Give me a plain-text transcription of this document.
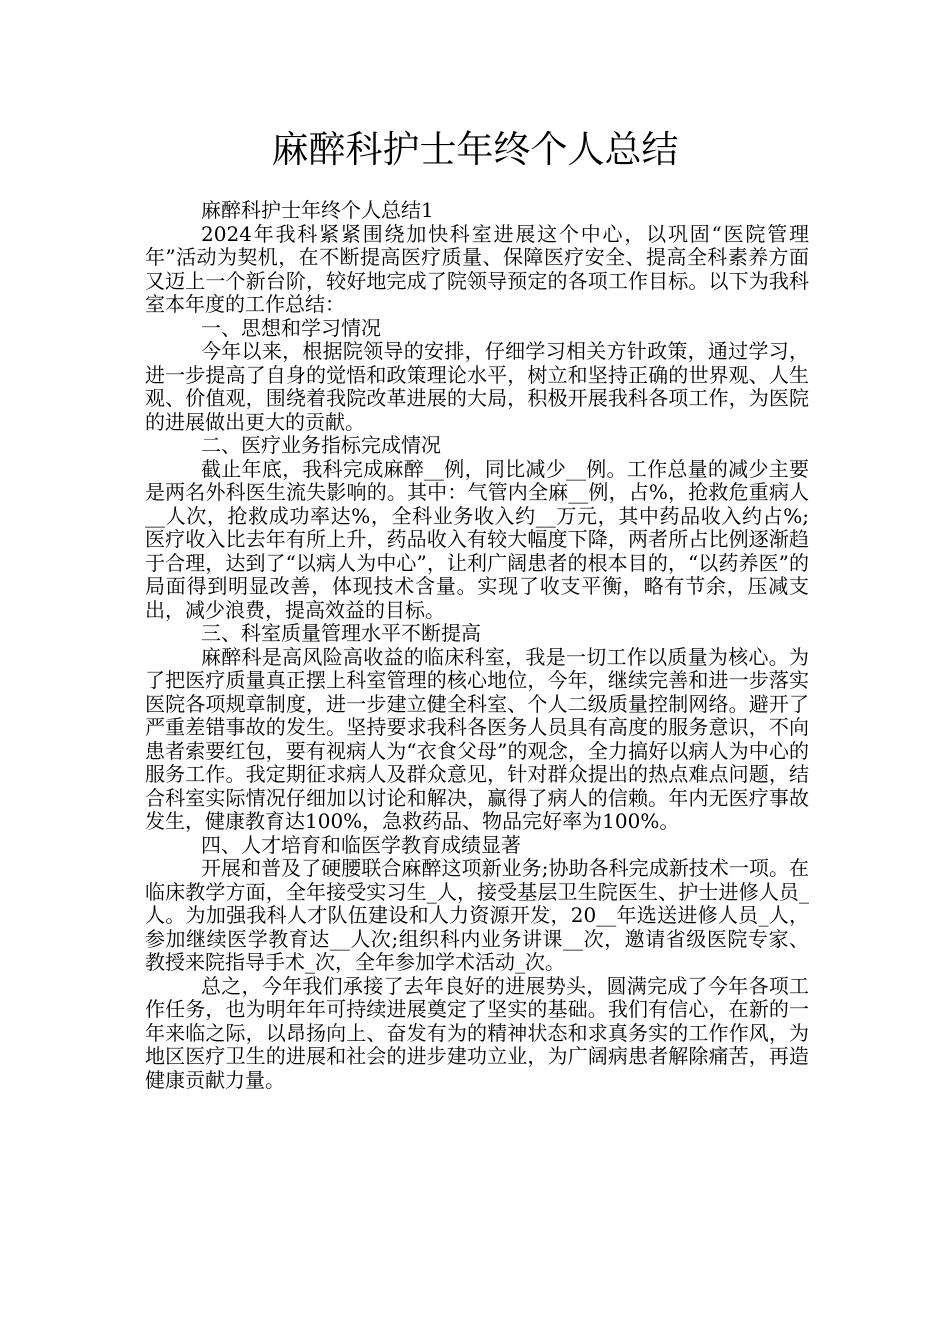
麻醉科护士年终个人总结

麻醉科护士年终个人总结1

2024年我科紧紧围绕加快科室进展这个中心，以巩固“医院管理年”活动为契机，在不断提高医疗质量、保障医疗安全、提高全科素养方面又迈上一个新台阶，较好地完成了院领导预定的各项工作目标。以下为我科室本年度的工作总结：

一、思想和学习情况

今年以来，根据院领导的安排，仔细学习相关方针政策，通过学习，进一步提高了自身的觉悟和政策理论水平，树立和坚持正确的世界观、人生观、价值观，围绕着我院改革进展的大局，积极开展我科各项工作，为医院的进展做出更大的贡献。

二、医疗业务指标完成情况

截止年底，我科完成麻醉__例，同比减少__例。工作总量的减少主要是两名外科医生流失影响的。其中：气管内全麻__例，占%，抢救危重病人__人次，抢救成功率达%，全科业务收入约__万元，其中药品收入约占%;医疗收入比去年有所上升，药品收入有较大幅度下降，两者所占比例逐渐趋于合理，达到了“以病人为中心”，让利广阔患者的根本目的，“以药养医”的局面得到明显改善，体现技术含量。实现了收支平衡，略有节余，压减支出，减少浪费，提高效益的目标。

三、科室质量管理水平不断提高

麻醉科是高风险高收益的临床科室，我是一切工作以质量为核心。为了把医疗质量真正摆上科室管理的核心地位，今年，继续完善和进一步落实医院各项规章制度，进一步建立健全科室、个人二级质量控制网络。避开了严重差错事故的发生。坚持要求我科各医务人员具有高度的服务意识，不向患者索要红包，要有视病人为“衣食父母”的观念，全力搞好以病人为中心的服务工作。我定期征求病人及群众意见，针对群众提出的热点难点问题，结合科室实际情况仔细加以讨论和解决，赢得了病人的信赖。年内无医疗事故发生，健康教育达100%，急救药品、物品完好率为100%。

四、人才培育和临医学教育成绩显著

开展和普及了硬腰联合麻醉这项新业务;协助各科完成新技术一项。在临床教学方面，全年接受实习生_人，接受基层卫生院医生、护士进修人员_人。为加强我科人才队伍建设和人力资源开发，20__年选送进修人员_人，参加继续医学教育达__人次;组织科内业务讲课__次，邀请省级医院专家、教授来院指导手术_次，全年参加学术活动_次。

总之，今年我们承接了去年良好的进展势头，圆满完成了今年各项工作任务，也为明年年可持续进展奠定了坚实的基础。我们有信心，在新的一年来临之际，以昂扬向上、奋发有为的精神状态和求真务实的工作作风，为地区医疗卫生的进展和社会的进步建功立业，为广阔病患者解除痛苦，再造健康贡献力量。
